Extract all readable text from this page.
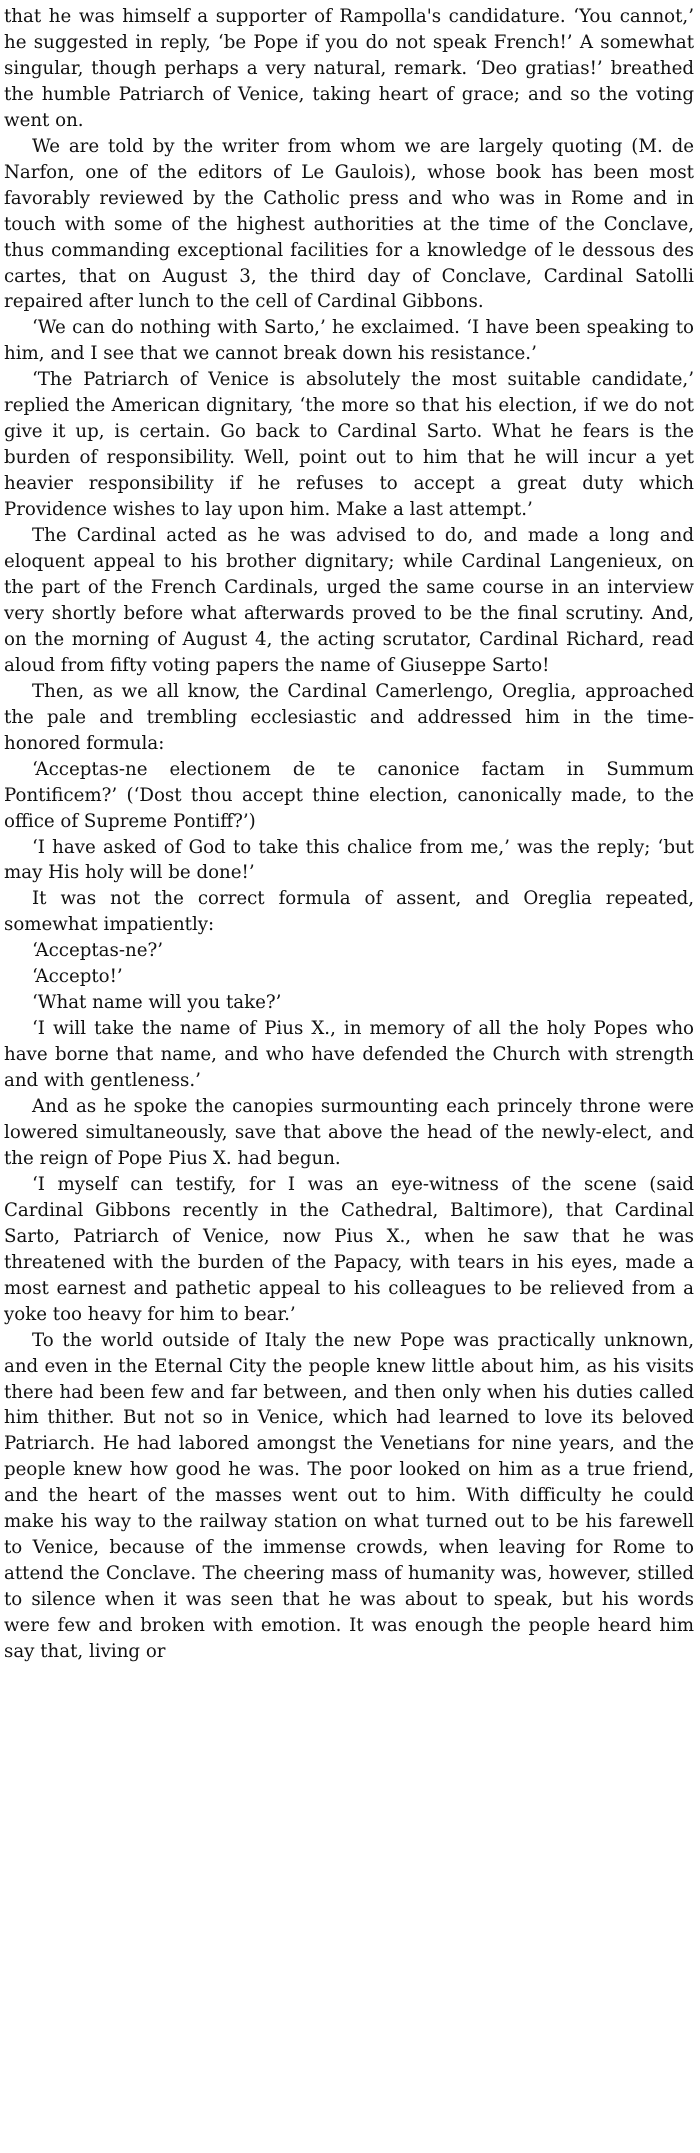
that he was himself a supporter of Rampolla's candidature. ‘You cannot,’ he suggested in reply, ‘be Pope if you do not speak French!’ A somewhat singular, though perhaps a very natural, remark. ‘Deo gratias!’ breathed the humble Patriarch of Venice, taking heart of grace; and so the voting went on.

We are told by the writer from whom we are largely quoting (M. de Narfon, one of the editors of Le Gaulois), whose book has been most favorably reviewed by the Catholic press and who was in Rome and in touch with some of the highest authorities at the time of the Conclave, thus commanding exceptional facilities for a knowledge of le dessous des cartes, that on August 3, the third day of Conclave, Cardinal Satolli repaired after lunch to the cell of Cardinal Gibbons.

‘We can do nothing with Sarto,’ he exclaimed. ‘I have been speaking to him, and I see that we cannot break down his resistance.’

‘The Patriarch of Venice is absolutely the most suitable candidate,’ replied the American dignitary, ‘the more so that his election, if we do not give it up, is certain. Go back to Cardinal Sarto. What he fears is the burden of responsibility. Well, point out to him that he will incur a yet heavier responsibility if he refuses to accept a great duty which Providence wishes to lay upon him. Make a last attempt.’

The Cardinal acted as he was advised to do, and made a long and eloquent appeal to his brother dignitary; while Cardinal Langenieux, on the part of the French Cardinals, urged the same course in an interview very shortly before what afterwards proved to be the final scrutiny. And, on the morning of August 4, the acting scrutator, Cardinal Richard, read aloud from fifty voting papers the name of Giuseppe Sarto!

Then, as we all know, the Cardinal Camerlengo, Oreglia, approached the pale and trembling ecclesiastic and addressed him in the time-honored formula:

‘Acceptas-ne electionem de te canonice factam in Summum Pontificem?’ (‘Dost thou accept thine election, canonically made, to the office of Supreme Pontiff?’)

‘I have asked of God to take this chalice from me,’ was the reply; ‘but may His holy will be done!’

It was not the correct formula of assent, and Oreglia repeated, somewhat impatiently:

‘Acceptas-ne?’

‘Accepto!’

‘What name will you take?’

‘I will take the name of Pius X., in memory of all the holy Popes who have borne that name, and who have defended the Church with strength and with gentleness.’

And as he spoke the canopies surmounting each princely throne were lowered simultaneously, save that above the head of the newly-elect, and the reign of Pope Pius X. had begun.

‘I myself can testify, for I was an eye-witness of the scene (said Cardinal Gibbons recently in the Cathedral, Baltimore), that Cardinal Sarto, Patriarch of Venice, now Pius X., when he saw that he was threatened with the burden of the Papacy, with tears in his eyes, made a most earnest and pathetic appeal to his colleagues to be relieved from a yoke too heavy for him to bear.’

To the world outside of Italy the new Pope was practically unknown, and even in the Eternal City the people knew little about him, as his visits there had been few and far between, and then only when his duties called him thither. But not so in Venice, which had learned to love its beloved Patriarch. He had labored amongst the Venetians for nine years, and the people knew how good he was. The poor looked on him as a true friend, and the heart of the masses went out to him. With difficulty he could make his way to the railway station on what turned out to be his farewell to Venice, because of the immense crowds, when leaving for Rome to attend the Conclave. The cheering mass of humanity was, however, stilled to silence when it was seen that he was about to speak, but his words were few and broken with emotion. It was enough the people heard him say that, living or
